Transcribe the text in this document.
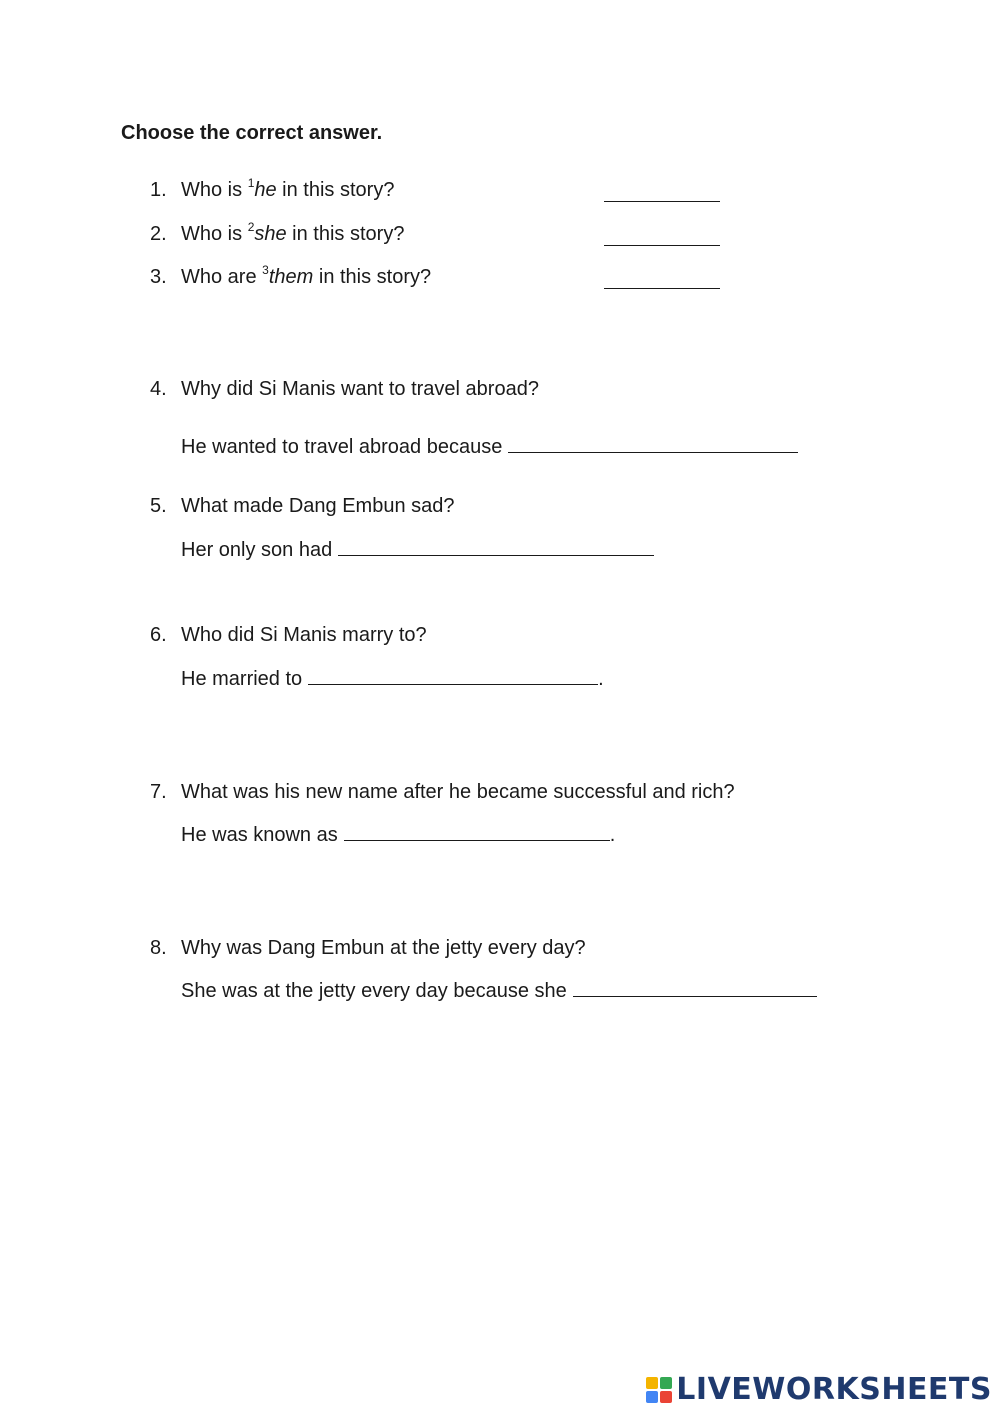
Choose the correct answer.
1. Who is $^1$he in this story?
2. Who is $^2$she in this story?
3. Who are $^3$them in this story?
4. Why did Si Manis want to travel abroad?
He wanted to travel abroad because
5. What made Dang Embun sad?
Her only son had
6. Who did Si Manis marry to?
He married to	.
7. What was his new name after he became successful and rich?
He was known as	.
8. Why was Dang Embun at the jetty every day?
She was at the jetty every day because she
LIVEWORKSHEETS
